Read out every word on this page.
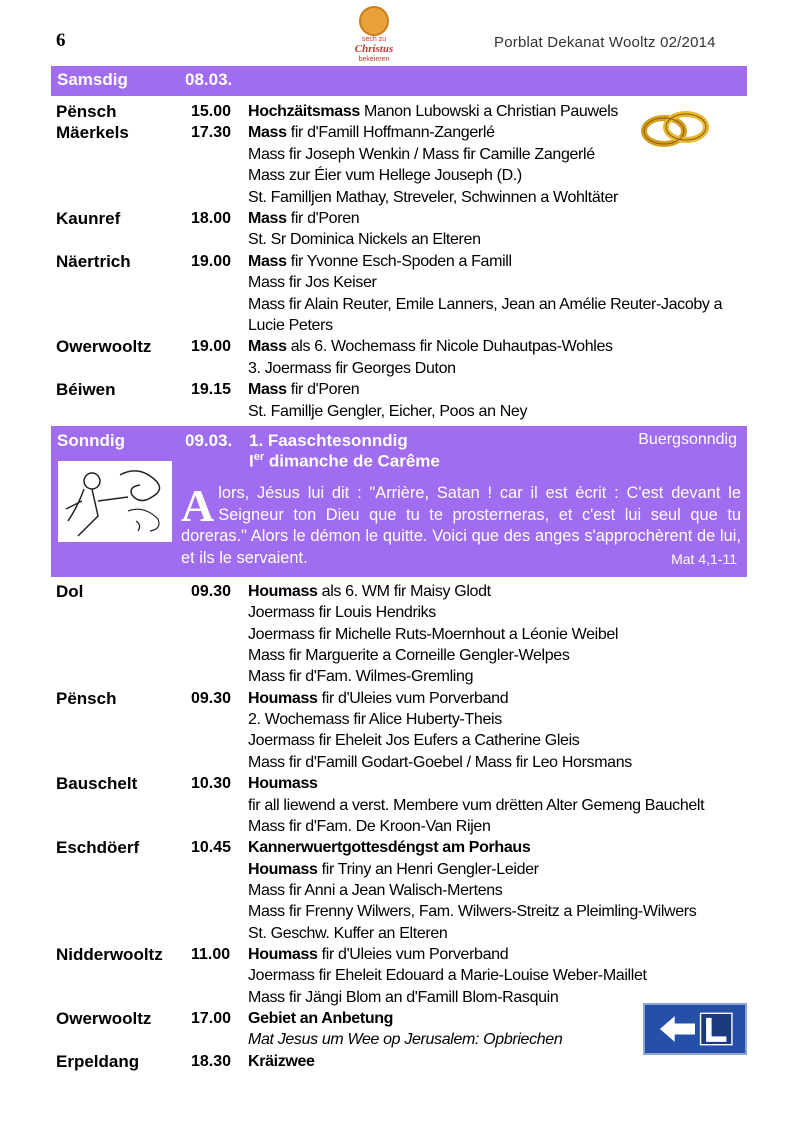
6	sech zu
Christus
bekéieren
Porblat Dekanat Wooltz 02/2014
Samsdig	08.03.
Pënsch	15.00 Hochzäitsmass Manon Lubowski a Christian Pauwels
Mäerkels	17.30 Mass fir d'Famill Hoffmann-Zangerlé
Mass fir Joseph Wenkin / Mass fir Camille Zangerlé
Mass zur Éier vum Hellege Jouseph (D.)
St. Familljen Mathay, Streveler, Schwinnen a Wohltäter
Kaunref	18.00 Mass fir d'Poren
St. Sr Dominica Nickels an Elteren
Näertrich	19.00 Mass fir Yvonne Esch-Spoden a Famill
Mass fir Jos Keiser
Mass fir Alain Reuter, Emile Lanners, Jean an Amélie Reuter-Jacoby a
Lucie Peters
Owerwooltz 19.00 Mass als 6. Wochemass fir Nicole Duhautpas-Wohles
3. Joermass fir Georges Duton
Béiwen	19.15 Mass fir d'Poren
St. Famillje Gengler, Eicher, Poos an Ney
Sonndig	09.03. 1. Faaschtesonndig
Ier dimanche de Carême
Buergsonndig
Alors, Jésus lui dit : "Arrière, Satan ! car il est écrit : C'est devant le Seigneur ton Dieu que tu te prosterneras, et c'est lui seul que tu doreras." Alors le démon le quitte. Voici que des anges s'approchèrent de lui, et ils le servaient.	Mat 4,1-11
Dol	09.30 Houmass als 6. WM fir Maisy Glodt
Joermass fir Louis Hendriks
Joermass fir Michelle Ruts-Moernhout a Léonie Weibel
Mass fir Marguerite a Corneille Gengler-Welpes
Mass fir d'Fam. Wilmes-Gremling
Pënsch	09.30 Houmass fir d'Uleies vum Porverband
2. Wochemass fir Alice Huberty-Theis
Joermass fir Eheleit Jos Eufers a Catherine Gleis
Mass fir d'Famill Godart-Goebel / Mass fir Leo Horsmans
Bauschelt	10.30 Houmass
fir all liewend a verst. Membere vum drëtten Alter Gemeng Bauchelt
Mass fir d'Fam. De Kroon-Van Rijen
Eschdöerf	10.45 Kannerwuertgottesdéngst am Porhaus
Houmass fir Triny an Henri Gengler-Leider
Mass fir Anni a Jean Walisch-Mertens
Mass fir Frenny Wilwers, Fam. Wilwers-Streitz a Pleimling-Wilwers
St. Geschw. Kuffer an Elteren
Nidderwooltz 11.00 Houmass fir d'Uleies vum Porverband
Joermass fir Eheleit Edouard a Marie-Louise Weber-Maillet
Mass fir Jängi Blom an d'Famill Blom-Rasquin
Owerwooltz 17.00 Gebiet an Anbetung
Mat Jesus um Wee op Jerusalem: Opbriechen
Erpeldang	18.30 Kräizwee
